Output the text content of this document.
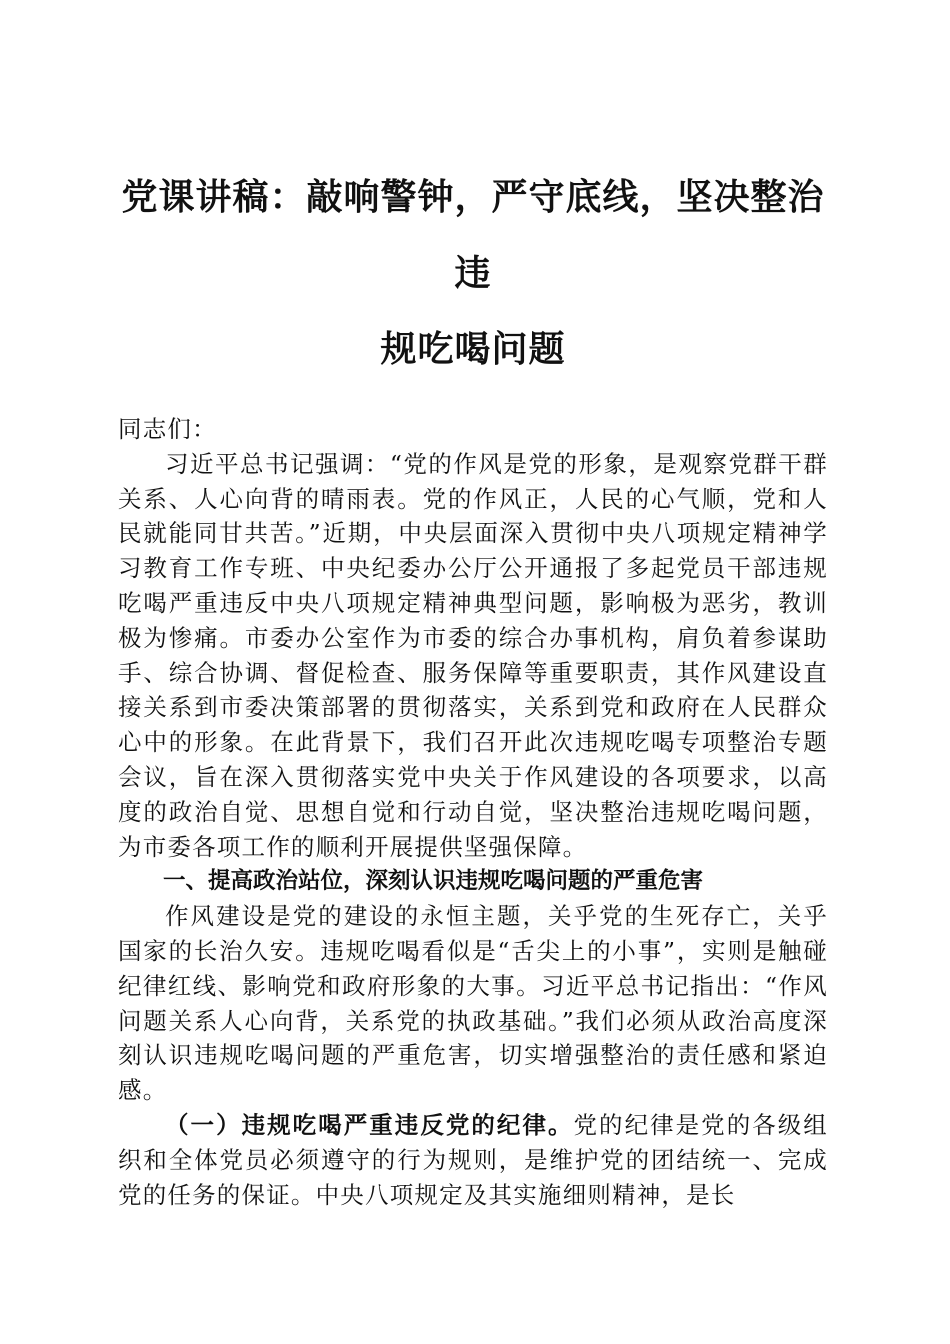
党课讲稿：敲响警钟，严守底线，坚决整治违
规吃喝问题

同志们：

习近平总书记强调：“党的作风是党的形象，是观察党群干群关系、人心向背的晴雨表。党的作风正，人民的心气顺，党和人民就能同甘共苦。”近期，中央层面深入贯彻中央八项规定精神学习教育工作专班、中央纪委办公厅公开通报了多起党员干部违规吃喝严重违反中央八项规定精神典型问题，影响极为恶劣，教训极为惨痛。市委办公室作为市委的综合办事机构，肩负着参谋助手、综合协调、督促检查、服务保障等重要职责，其作风建设直接关系到市委决策部署的贯彻落实，关系到党和政府在人民群众心中的形象。在此背景下，我们召开此次违规吃喝专项整治专题会议，旨在深入贯彻落实党中央关于作风建设的各项要求，以高度的政治自觉、思想自觉和行动自觉，坚决整治违规吃喝问题，为市委各项工作的顺利开展提供坚强保障。

一、提高政治站位，深刻认识违规吃喝问题的严重危害

作风建设是党的建设的永恒主题，关乎党的生死存亡，关乎国家的长治久安。违规吃喝看似是“舌尖上的小事”，实则是触碰纪律红线、影响党和政府形象的大事。习近平总书记指出：“作风问题关系人心向背，关系党的执政基础。”我们必须从政治高度深刻认识违规吃喝问题的严重危害，切实增强整治的责任感和紧迫感。

（一）违规吃喝严重违反党的纪律。党的纪律是党的各级组织和全体党员必须遵守的行为规则，是维护党的团结统一、完成党的任务的保证。中央八项规定及其实施细则精神，是长
